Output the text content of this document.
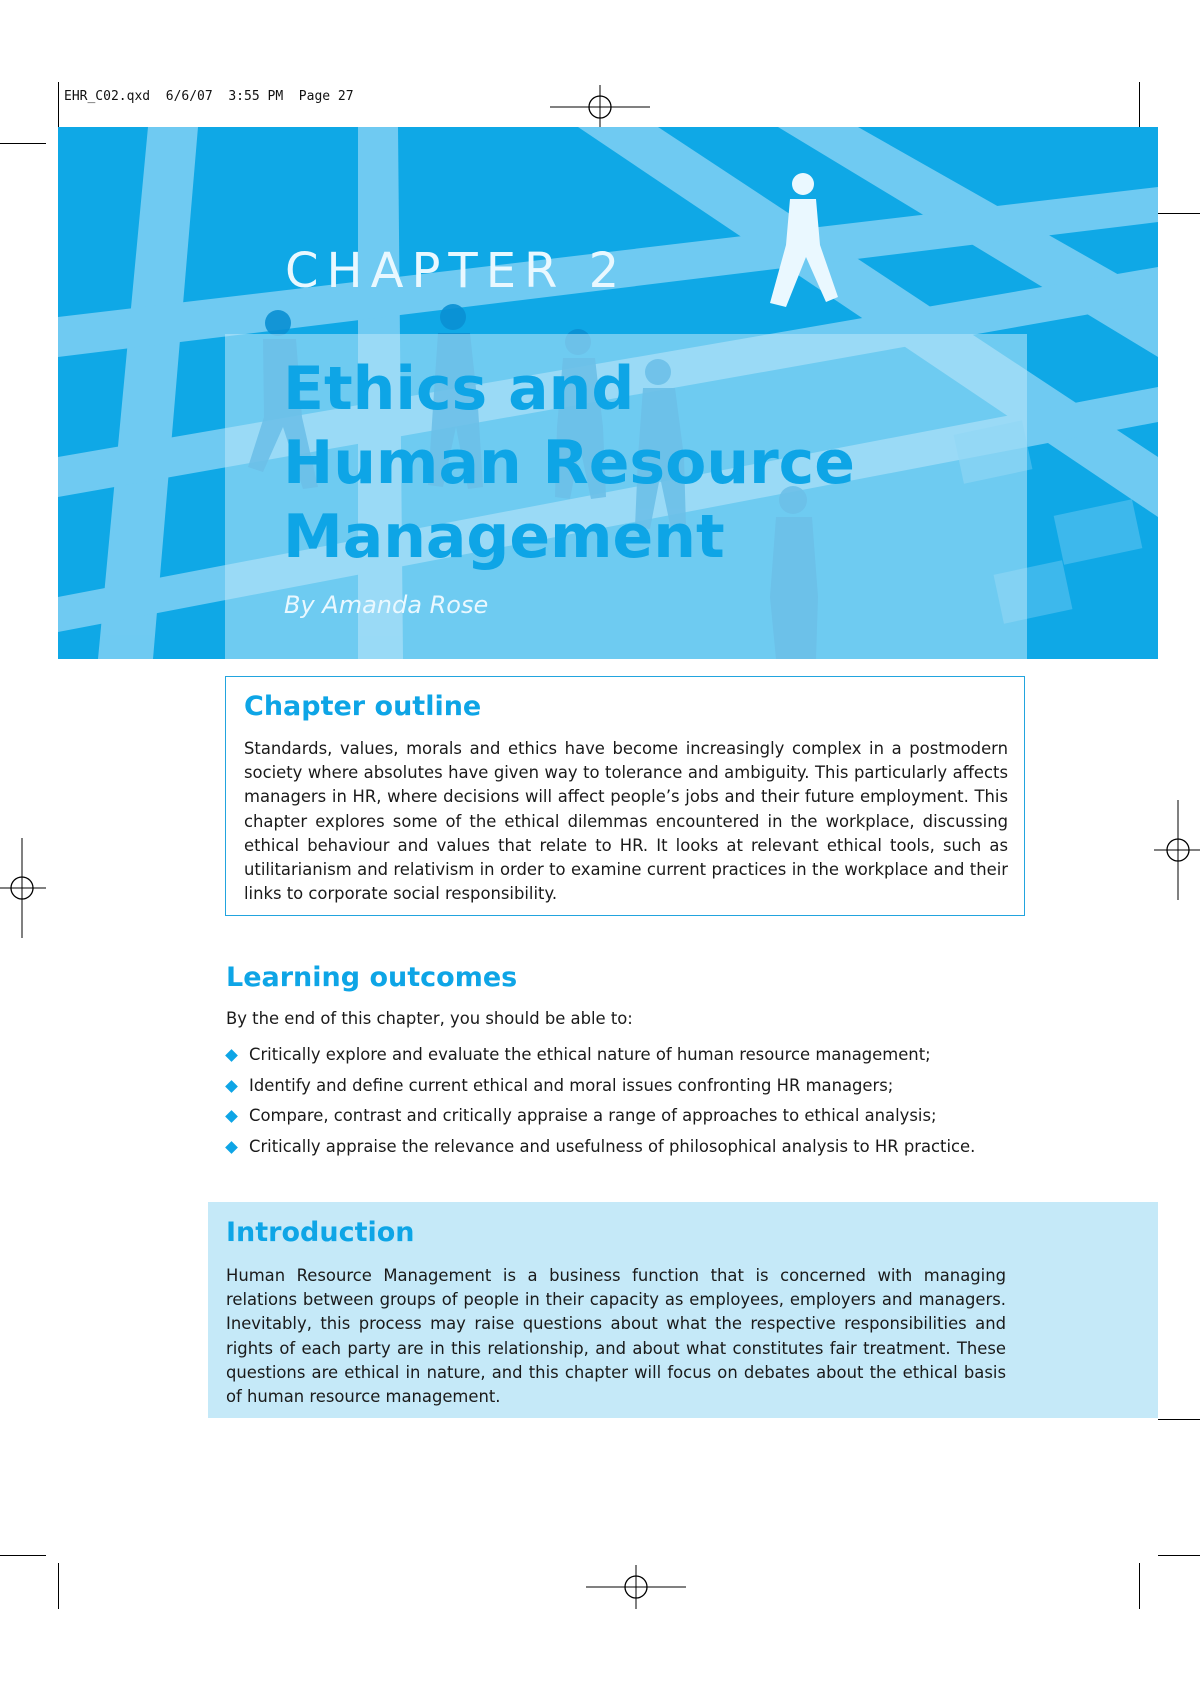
EHR_C02.qxd  6/6/07  3:55 PM  Page 27
CHAPTER 2
Ethics and
Human Resource
Management
By Amanda Rose
Chapter outline

Standards, values, morals and ethics have become increasingly complex in a postmodern society where absolutes have given way to tolerance and ambiguity. This particularly affects managers in HR, where decisions will affect people’s jobs and their future employment. This chapter explores some of the ethical dilemmas encountered in the workplace, discussing ethical behaviour and values that relate to HR. It looks at relevant ethical tools, such as utilitarianism and relativism in order to examine current practices in the workplace and their links to corporate social responsibility.

Learning outcomes
By the end of this chapter, you should be able to:
Critically explore and evaluate the ethical nature of human resource management;
Identify and define current ethical and moral issues confronting HR managers;
Compare, contrast and critically appraise a range of approaches to ethical analysis;
Critically appraise the relevance and usefulness of philosophical analysis to HR practice.
Introduction

Human Resource Management is a business function that is concerned with managing relations between groups of people in their capacity as employees, employers and managers. Inevitably, this process may raise questions about what the respective responsibilities and rights of each party are in this relationship, and about what constitutes fair treatment. These questions are ethical in nature, and this chapter will focus on debates about the ethical basis of human resource management.
